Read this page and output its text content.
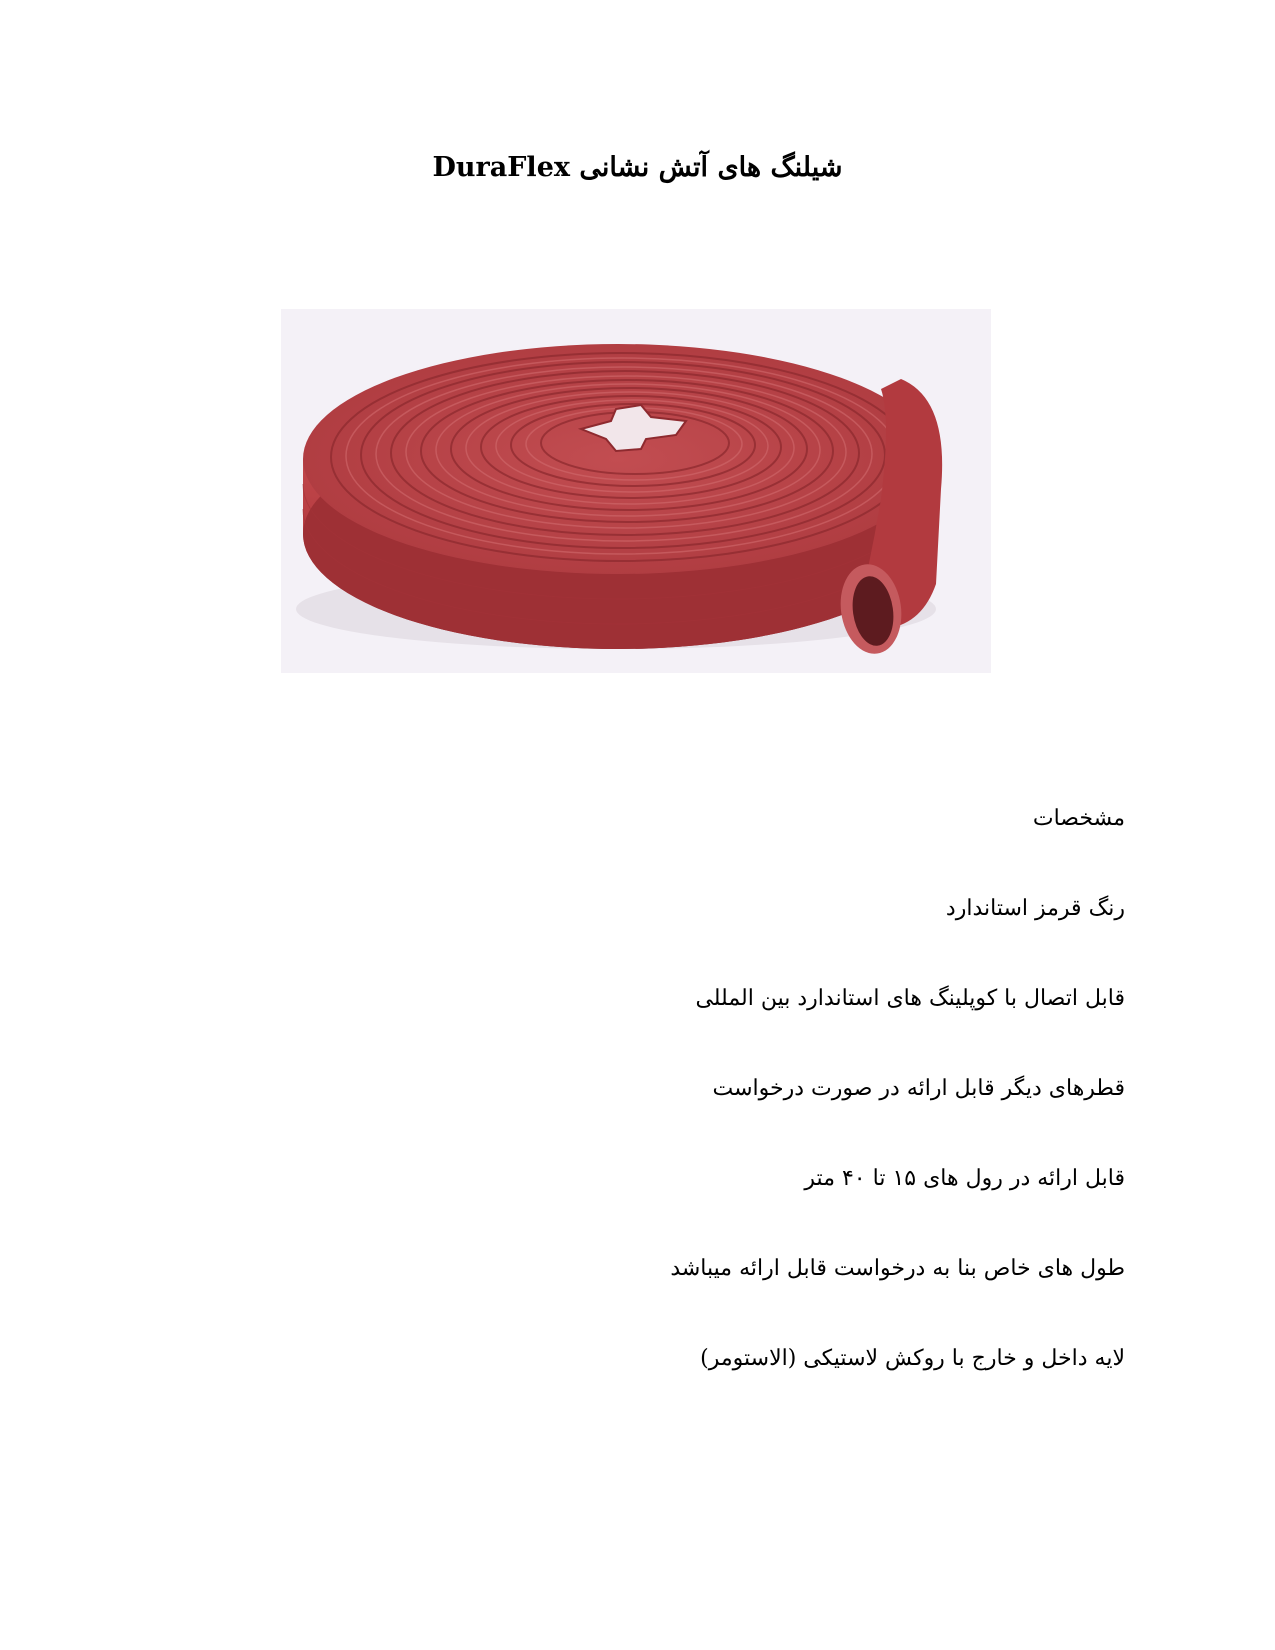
شیلنگ های آتش نشانی DuraFlex
مشخصات
رنگ قرمز استاندارد
قابل اتصال با کوپلینگ های استاندارد بین المللی
قطرهای دیگر قابل ارائه در صورت درخواست
قابل ارائه در رول های ۱۵ تا ۴۰ متر
طول های خاص بنا به درخواست قابل ارائه میباشد
لایه داخل و خارج با روکش لاستیکی (الاستومر)
